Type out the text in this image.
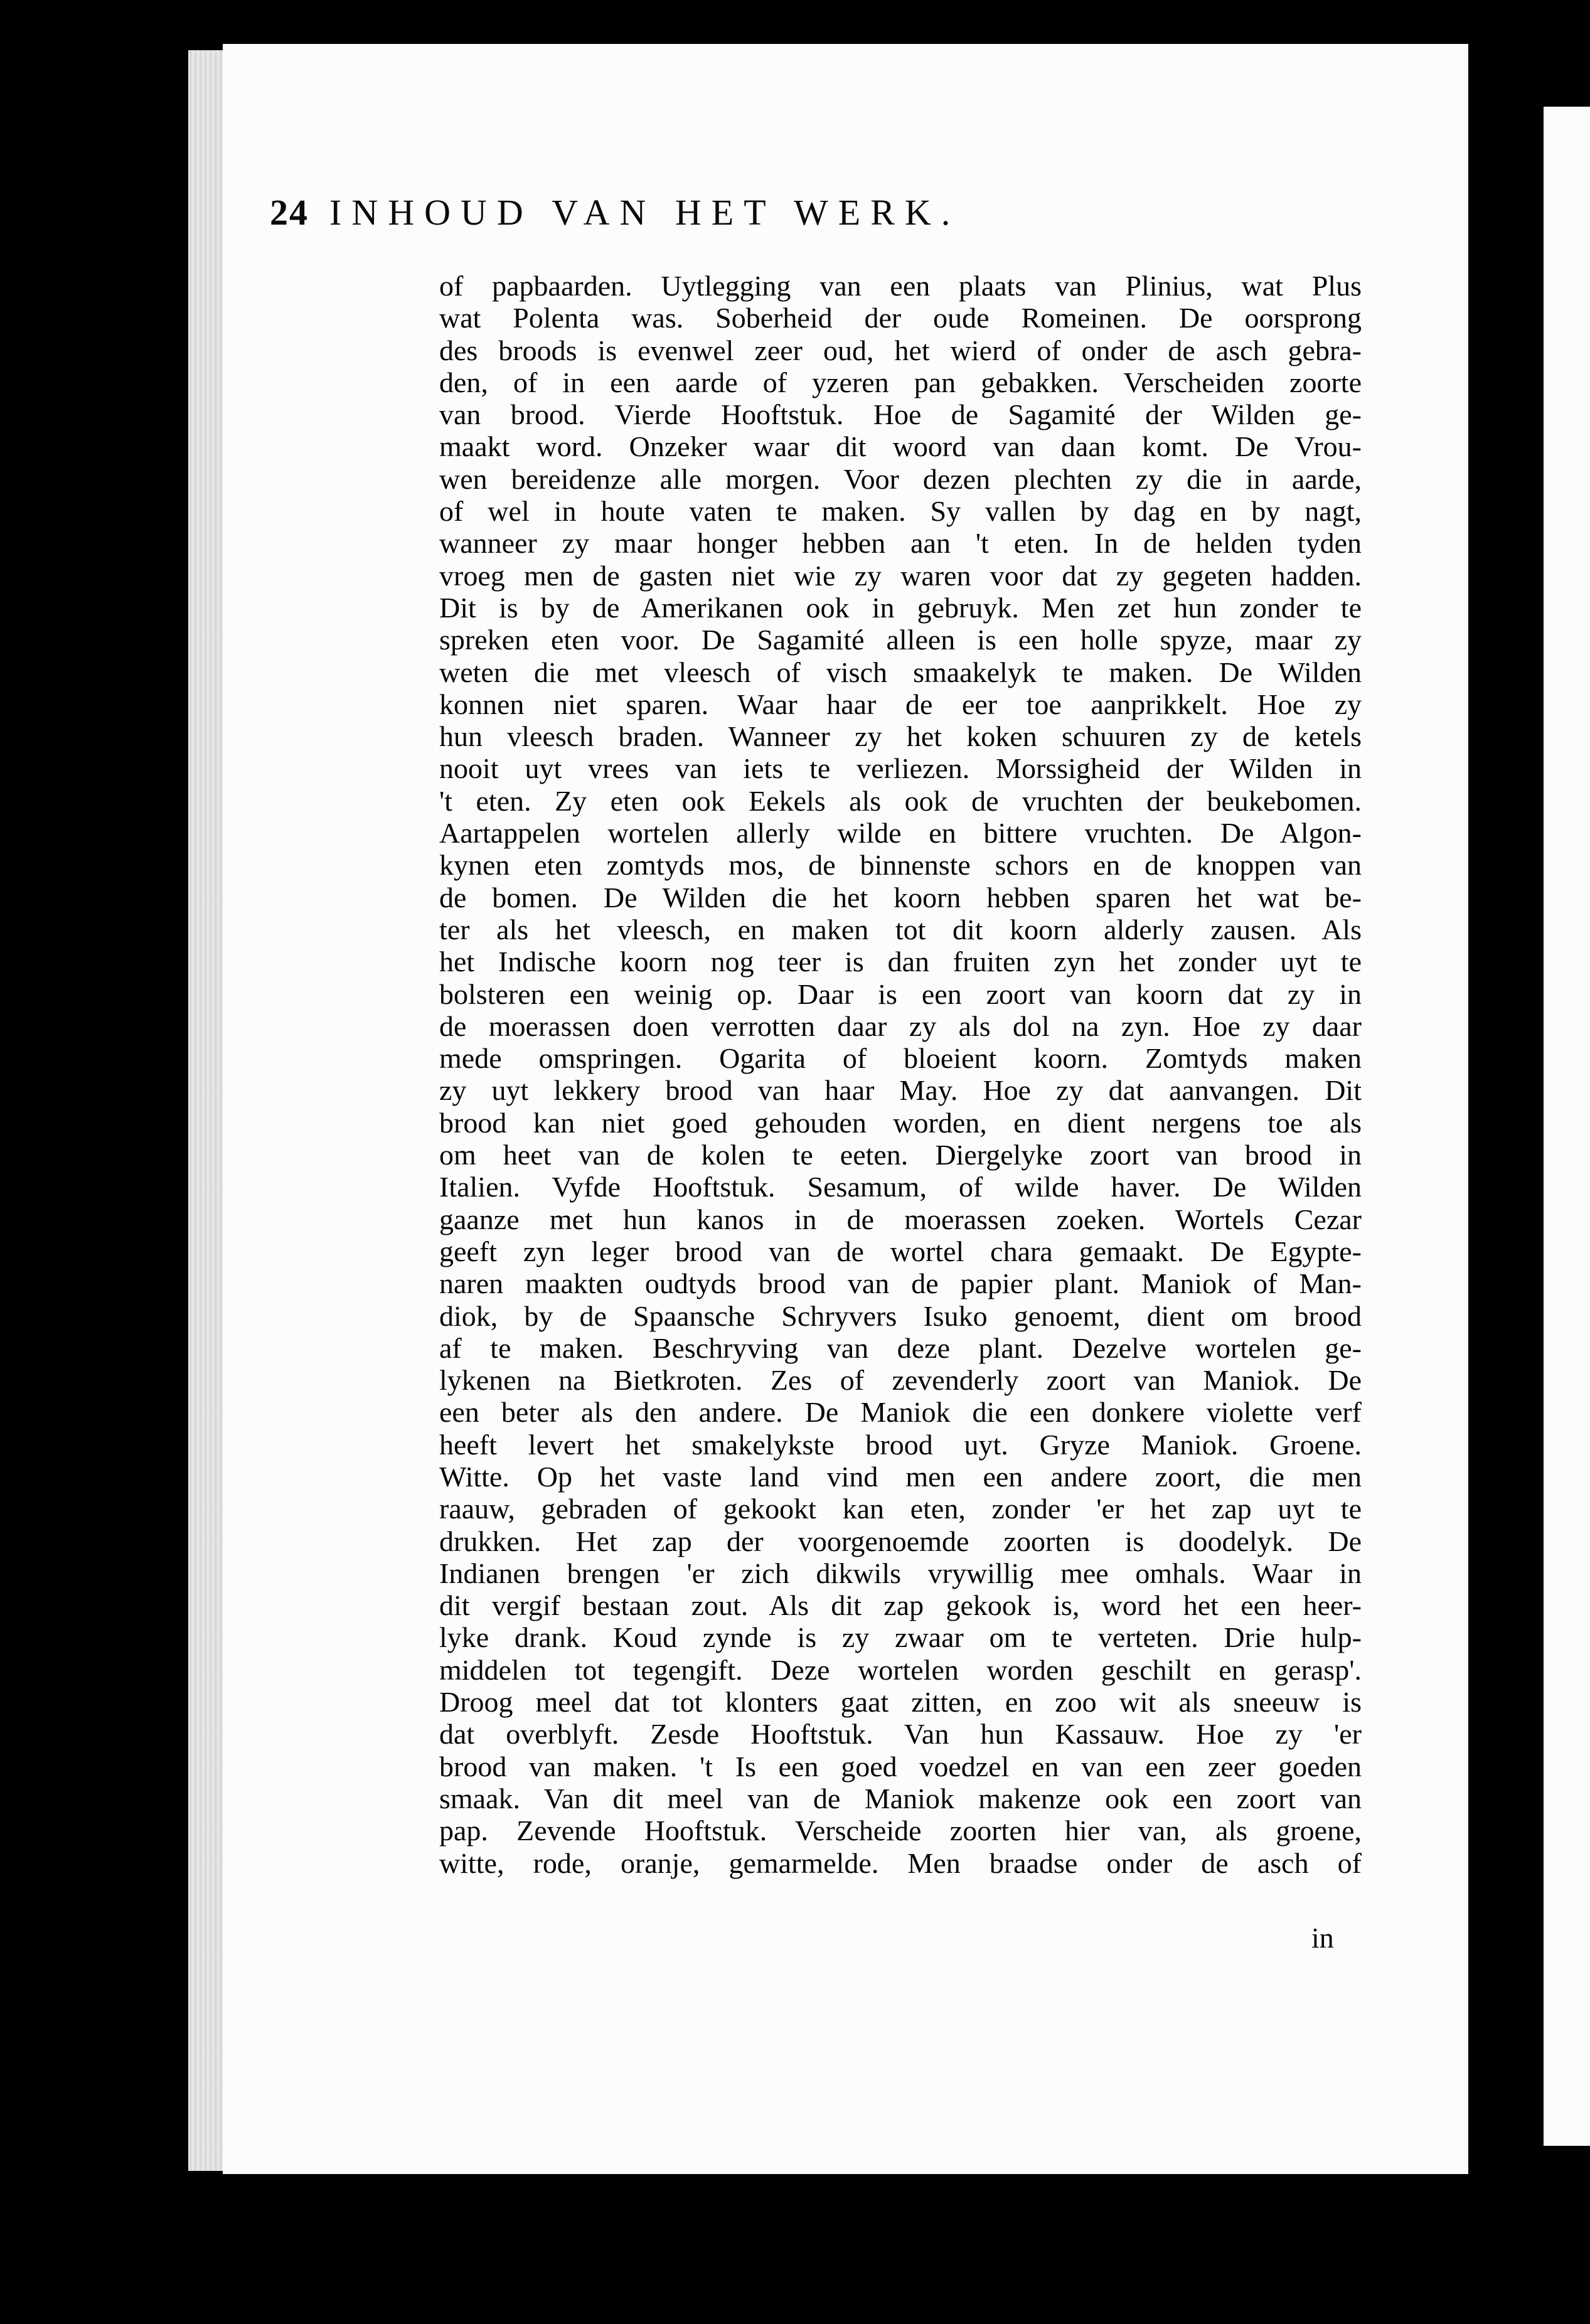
24 INHOUD VAN HET WERK.
of papbaarden. Uytlegging van een plaats van Plinius, wat Plus
wat Polenta was. Soberheid der oude Romeinen. De oorsprong
des broods is evenwel zeer oud, het wierd of onder de asch gebra-
den, of in een aarde of yzeren pan gebakken. Verscheiden zoorte
van brood. Vierde Hooftstuk. Hoe de Sagamité der Wilden ge-
maakt word. Onzeker waar dit woord van daan komt. De Vrou-
wen bereidenze alle morgen. Voor dezen plechten zy die in aarde,
of wel in houte vaten te maken. Sy vallen by dag en by nagt,
wanneer zy maar honger hebben aan 't eten. In de helden tyden
vroeg men de gasten niet wie zy waren voor dat zy gegeten hadden.
Dit is by de Amerikanen ook in gebruyk. Men zet hun zonder te
spreken eten voor. De Sagamité alleen is een holle spyze, maar zy
weten die met vleesch of visch smaakelyk te maken. De Wilden
konnen niet sparen. Waar haar de eer toe aanprikkelt. Hoe zy
hun vleesch braden. Wanneer zy het koken schuuren zy de ketels
nooit uyt vrees van iets te verliezen. Morssigheid der Wilden in
't eten. Zy eten ook Eekels als ook de vruchten der beukebomen.
Aartappelen wortelen allerly wilde en bittere vruchten. De Algon-
kynen eten zomtyds mos, de binnenste schors en de knoppen van
de bomen. De Wilden die het koorn hebben sparen het wat be-
ter als het vleesch, en maken tot dit koorn alderly zausen. Als
het Indische koorn nog teer is dan fruiten zyn het zonder uyt te
bolsteren een weinig op. Daar is een zoort van koorn dat zy in
de moerassen doen verrotten daar zy als dol na zyn. Hoe zy daar
mede omspringen. Ogarita of bloeient koorn. Zomtyds maken
zy uyt lekkery brood van haar May. Hoe zy dat aanvangen. Dit
brood kan niet goed gehouden worden, en dient nergens toe als
om heet van de kolen te eeten. Diergelyke zoort van brood in
Italien. Vyfde Hooftstuk. Sesamum, of wilde haver. De Wilden
gaanze met hun kanos in de moerassen zoeken. Wortels Cezar
geeft zyn leger brood van de wortel chara gemaakt. De Egypte-
naren maakten oudtyds brood van de papier plant. Maniok of Man-
diok, by de Spaansche Schryvers Isuko genoemt, dient om brood
af te maken. Beschryving van deze plant. Dezelve wortelen ge-
lykenen na Bietkroten. Zes of zevenderly zoort van Maniok. De
een beter als den andere. De Maniok die een donkere violette verf
heeft levert het smakelykste brood uyt. Gryze Maniok. Groene.
Witte. Op het vaste land vind men een andere zoort, die men
raauw, gebraden of gekookt kan eten, zonder 'er het zap uyt te
drukken. Het zap der voorgenoemde zoorten is doodelyk. De
Indianen brengen 'er zich dikwils vrywillig mee omhals. Waar in
dit vergif bestaan zout. Als dit zap gekook is, word het een heer-
lyke drank. Koud zynde is zy zwaar om te verteten. Drie hulp-
middelen tot tegengift. Deze wortelen worden geschilt en gerasp'.
Droog meel dat tot klonters gaat zitten, en zoo wit als sneeuw is
dat overblyft. Zesde Hooftstuk. Van hun Kassauw. Hoe zy 'er
brood van maken. 't Is een goed voedzel en van een zeer goeden
smaak. Van dit meel van de Maniok makenze ook een zoort van
pap. Zevende Hooftstuk. Verscheide zoorten hier van, als groene,
witte, rode, oranje, gemarmelde. Men braadse onder de asch of
in
